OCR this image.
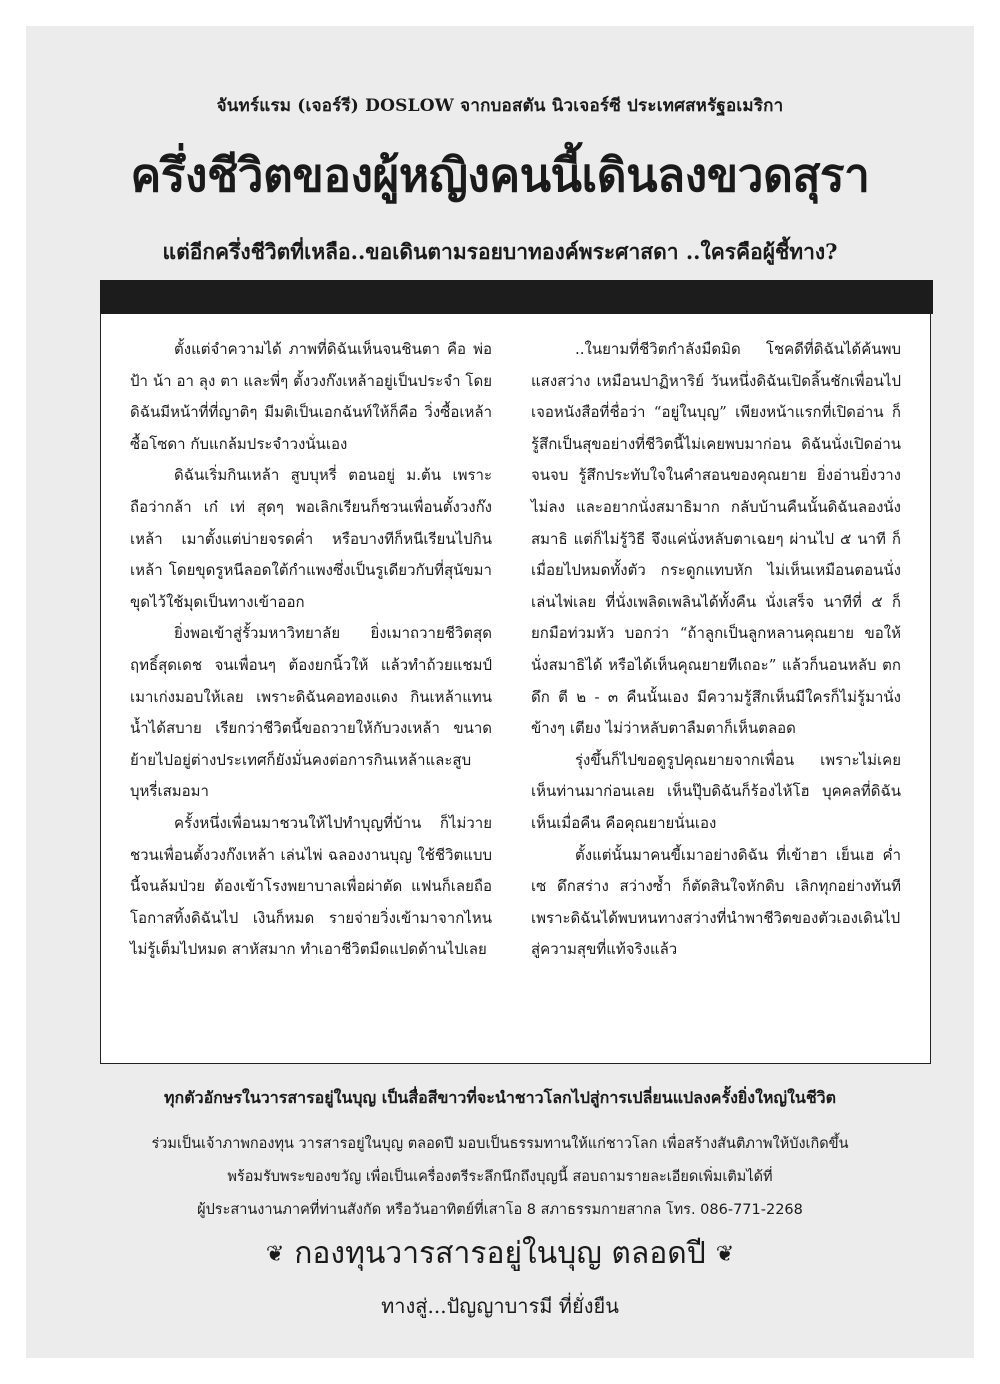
จันทร์แรม (เจอร์รี) DOSLOW จากบอสตัน นิวเจอร์ซี ประเทศสหรัฐอเมริกา
ครึ่งชีวิตของผู้หญิงคนนี้เดินลงขวดสุรา
แต่อีกครึ่งชีวิตที่เหลือ..ขอเดินตามรอยบาทองค์พระศาสดา ..ใครคือผู้ชี้ทาง?

ตั้งแต่จำความได้ ภาพที่ดิฉันเห็นจนชินตา คือ พ่อ ป้า น้า อา ลุง ตา และพี่ๆ ตั้งวงก๊งเหล้าอยู่เป็นประจำ โดยดิฉันมีหน้าที่ที่ญาติๆ มีมติเป็นเอกฉันท์ให้ก็คือ วิ่งซื้อเหล้า ซื้อโซดา กับแกล้มประจำวงนั่นเอง

ดิฉันเริ่มกินเหล้า สูบบุหรี่ ตอนอยู่ ม.ต้น เพราะถือว่ากล้า เก๋ เท่ สุดๆ พอเลิกเรียนก็ชวนเพื่อนตั้งวงก๊งเหล้า เมาตั้งแต่บ่ายจรดค่ำ หรือบางทีก็หนีเรียนไปกินเหล้า โดยขุดรูหนีลอดใต้กำแพงซึ่งเป็นรูเดียวกับที่สุนัขมาขุดไว้ใช้มุดเป็นทางเข้าออก

ยิ่งพอเข้าสู่รั้วมหาวิทยาลัย ยิ่งเมาถวายชีวิตสุดฤทธิ์สุดเดช จนเพื่อนๆ ต้องยกนิ้วให้ แล้วทำถ้วยแชมป์เมาเก่งมอบให้เลย เพราะดิฉันคอทองแดง กินเหล้าแทนน้ำได้สบาย เรียกว่าชีวิตนี้ขอถวายให้กับวงเหล้า ขนาดย้ายไปอยู่ต่างประเทศก็ยังมั่นคงต่อการกินเหล้าและสูบบุหรี่เสมอมา

ครั้งหนึ่งเพื่อนมาชวนให้ไปทำบุญที่บ้าน ก็ไม่วายชวนเพื่อนตั้งวงก๊งเหล้า เล่นไพ่ ฉลองงานบุญ ใช้ชีวิตแบบนี้จนล้มป่วย ต้องเข้าโรงพยาบาลเพื่อผ่าตัด แฟนก็เลยถือโอกาสทิ้งดิฉันไป เงินก็หมด รายจ่ายวิ่งเข้ามาจากไหนไม่รู้เต็มไปหมด สาหัสมาก ทำเอาชีวิตมืดแปดด้านไปเลย

..ในยามที่ชีวิตกำลังมืดมิด โชคดีที่ดิฉันได้ค้นพบแสงสว่าง เหมือนปาฏิหาริย์ วันหนึ่งดิฉันเปิดลิ้นชักเพื่อนไปเจอหนังสือที่ชื่อว่า “อยู่ในบุญ” เพียงหน้าแรกที่เปิดอ่าน ก็รู้สึกเป็นสุขอย่างที่ชีวิตนี้ไม่เคยพบมาก่อน ดิฉันนั่งเปิดอ่านจนจบ รู้สึกประทับใจในคำสอนของคุณยาย ยิ่งอ่านยิ่งวางไม่ลง และอยากนั่งสมาธิมาก กลับบ้านคืนนั้นดิฉันลองนั่งสมาธิ แต่ก็ไม่รู้วิธี จึงแค่นั่งหลับตาเฉยๆ ผ่านไป ๕ นาที ก็เมื่อยไปหมดทั้งตัว กระดูกแทบหัก ไม่เห็นเหมือนตอนนั่งเล่นไพ่เลย ที่นั่งเพลิดเพลินได้ทั้งคืน นั่งเสร็จ นาทีที่ ๕ ก็ยกมือท่วมหัว บอกว่า “ถ้าลูกเป็นลูกหลานคุณยาย ขอให้นั่งสมาธิได้ หรือได้เห็นคุณยายทีเถอะ” แล้วก็นอนหลับ ตกดึก ตี ๒ - ๓ คืนนั้นเอง มีความรู้สึกเห็นมีใครก็ไม่รู้มานั่งข้างๆ เตียง ไม่ว่าหลับตาลืมตาก็เห็นตลอด

รุ่งขึ้นก็ไปขอดูรูปคุณยายจากเพื่อน เพราะไม่เคยเห็นท่านมาก่อนเลย เห็นปุ๊บดิฉันก็ร้องไห้โฮ บุคคลที่ดิฉันเห็นเมื่อคืน คือคุณยายนั่นเอง

ตั้งแต่นั้นมาคนขี้เมาอย่างดิฉัน ที่เข้าฮา เย็นเฮ ค่ำเซ ดึกสร่าง สว่างซ้ำ ก็ตัดสินใจหักดิบ เลิกทุกอย่างทันที เพราะดิฉันได้พบหนทางสว่างที่นำพาชีวิตของตัวเองเดินไปสู่ความสุขที่แท้จริงแล้ว

ทุกตัวอักษรในวารสารอยู่ในบุญ เป็นสื่อสีขาวที่จะนำชาวโลกไปสู่การเปลี่ยนแปลงครั้งยิ่งใหญ่ในชีวิต
ร่วมเป็นเจ้าภาพกองทุน วารสารอยู่ในบุญ ตลอดปี มอบเป็นธรรมทานให้แก่ชาวโลก เพื่อสร้างสันติภาพให้บังเกิดขึ้น
พร้อมรับพระของขวัญ เพื่อเป็นเครื่องตรีระลึกนึกถึงบุญนี้ สอบถามรายละเอียดเพิ่มเติมได้ที่
ผู้ประสานงานภาคที่ท่านสังกัด หรือวันอาทิตย์ที่เสาโอ 8 สภาธรรมกายสากล โทร. 086-771-2268
❦ กองทุนวารสารอยู่ในบุญ ตลอดปี ❦
ทางสู่...ปัญญาบารมี ที่ยั่งยืน
